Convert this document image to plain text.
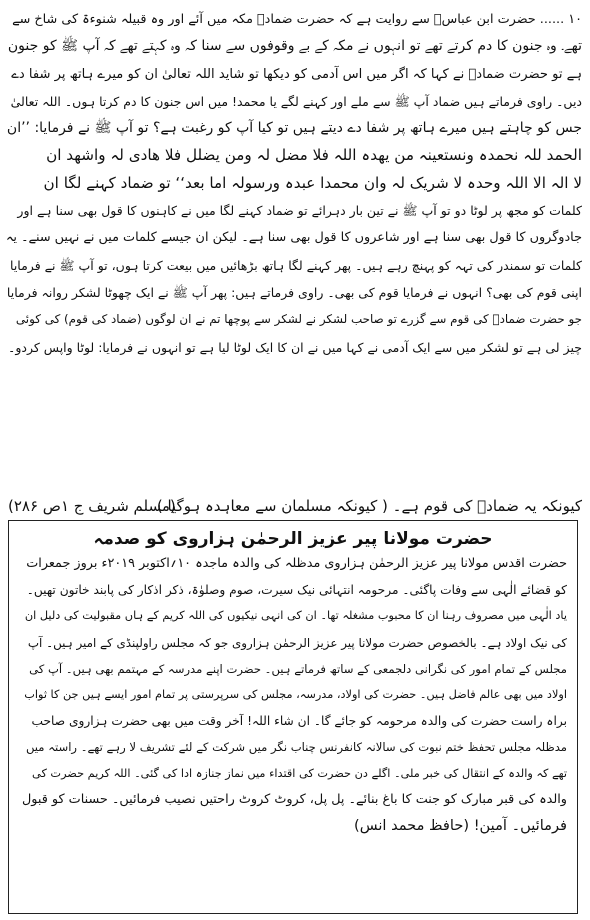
۱۰ ...... حضرت ابن عباسؓ سے روایت ہے کہ حضرت ضمادؓ مکہ میں آئے اور وہ قبیلہ شنوءۃ کی شاخ سے
تھے۔ وہ جنون کا دم کرتے تھے تو انہوں نے مکہ کے بے وقوفوں سے سنا کہ وہ کہتے تھے کہ آپ ﷺ کو جنون
ہے تو حضرت ضمادؓ نے کہا کہ اگر میں اس آدمی کو دیکھا تو شاید اللہ تعالیٰ ان کو میرے ہاتھ پر شفا دے
دیں۔ راوی فرماتے ہیں ضماد آپ ﷺ سے ملے اور کہنے لگے یا محمد! میں اس جنون کا دم کرتا ہوں۔ اللہ تعالیٰ
جس کو چاہتے ہیں میرے ہاتھ پر شفا دے دیتے ہیں تو کیا آپ کو رغبت ہے؟ تو آپ ﷺ نے فرمایا: ’’ان
الحمد للہ نحمدہ ونستعینہ من یھدہ اللہ فلا مضل لہ ومن یضلل فلا ھادی لہ واشھد ان
لا الہ الا اللہ وحدہ لا شریک لہ وان محمدا عبدہ ورسولہ اما بعد‘‘ تو ضماد کہنے لگا ان
کلمات کو مجھ پر لوٹا دو تو آپ ﷺ نے تین بار دہرائے تو ضماد کہنے لگا میں نے کاہنوں کا قول بھی سنا ہے اور
جادوگروں کا قول بھی سنا ہے اور شاعروں کا قول بھی سنا ہے۔ لیکن ان جیسے کلمات میں نے نہیں سنے۔ یہ
کلمات تو سمندر کی تہہ کو پہنچ رہے ہیں۔ پھر کہنے لگا ہاتھ بڑھائیں میں بیعت کرتا ہوں، تو آپ ﷺ نے فرمایا
اپنی قوم کی بھی؟ انہوں نے فرمایا قوم کی بھی۔ راوی فرماتے ہیں: پھر آپ ﷺ نے ایک چھوٹا لشکر روانہ فرمایا
جو حضرت ضمادؓ کی قوم سے گزرے تو صاحب لشکر نے لشکر سے پوچھا تم نے ان لوگوں (ضماد کی قوم) کی کوئی
چیز لی ہے تو لشکر میں سے ایک آدمی نے کہا میں نے ان کا ایک لوٹا لیا ہے تو انہوں نے فرمایا: لوٹا واپس کردو۔
کیونکہ یہ ضمادؓ کی قوم ہے۔ ( کیونکہ مسلمان سے معاہدہ ہوگیا )
(مسلم شریف ج ۱ص ۲۸۶)
حضرت مولانا پیر عزیز الرحمٰن ہزاروی کو صدمہ
حضرت اقدس مولانا پیر عزیز الرحمٰن ہزاروی مدظلہ کی والدہ ماجدہ ۱۰؍اکتوبر ۲۰۱۹ء بروز جمعرات
کو قضائے الٰہی سے وفات پاگئی۔ مرحومہ انتہائی نیک سیرت، صوم وصلوٰۃ، ذکر اذکار کی پابند خاتون تھیں۔
یاد الٰہی میں مصروف رہنا ان کا محبوب مشغلہ تھا۔ ان کی انہی نیکیوں کی اللہ کریم کے ہاں مقبولیت کی دلیل ان
کی نیک اولاد ہے۔ بالخصوص حضرت مولانا پیر عزیز الرحمٰن ہزاروی جو کہ مجلس راولپنڈی کے امیر ہیں۔ آپ
مجلس کے تمام امور کی نگرانی دلجمعی کے ساتھ فرماتے ہیں۔ حضرت اپنے مدرسہ کے مہتمم بھی ہیں۔ آپ کی
اولاد میں بھی عالم فاضل ہیں۔ حضرت کی اولاد، مدرسہ، مجلس کی سرپرستی پر تمام امور ایسے ہیں جن کا ثواب
براہ راست حضرت کی والدہ مرحومہ کو جائے گا۔ ان شاء اللہ! آخر وقت میں بھی حضرت ہزاروی صاحب
مدظلہ مجلس تحفظ ختم نبوت کی سالانہ کانفرنس چناب نگر میں شرکت کے لئے تشریف لا رہے تھے۔ راستہ میں
تھے کہ والدہ کے انتقال کی خبر ملی۔ اگلے دن حضرت کی اقتداء میں نماز جنازہ ادا کی گئی۔ اللہ کریم حضرت کی
والدہ کی قبر مبارک کو جنت کا باغ بنائے۔ پل پل، کروٹ کروٹ راحتیں نصیب فرمائیں۔ حسنات کو قبول
فرمائیں۔ آمین! (حافظ محمد انس)
